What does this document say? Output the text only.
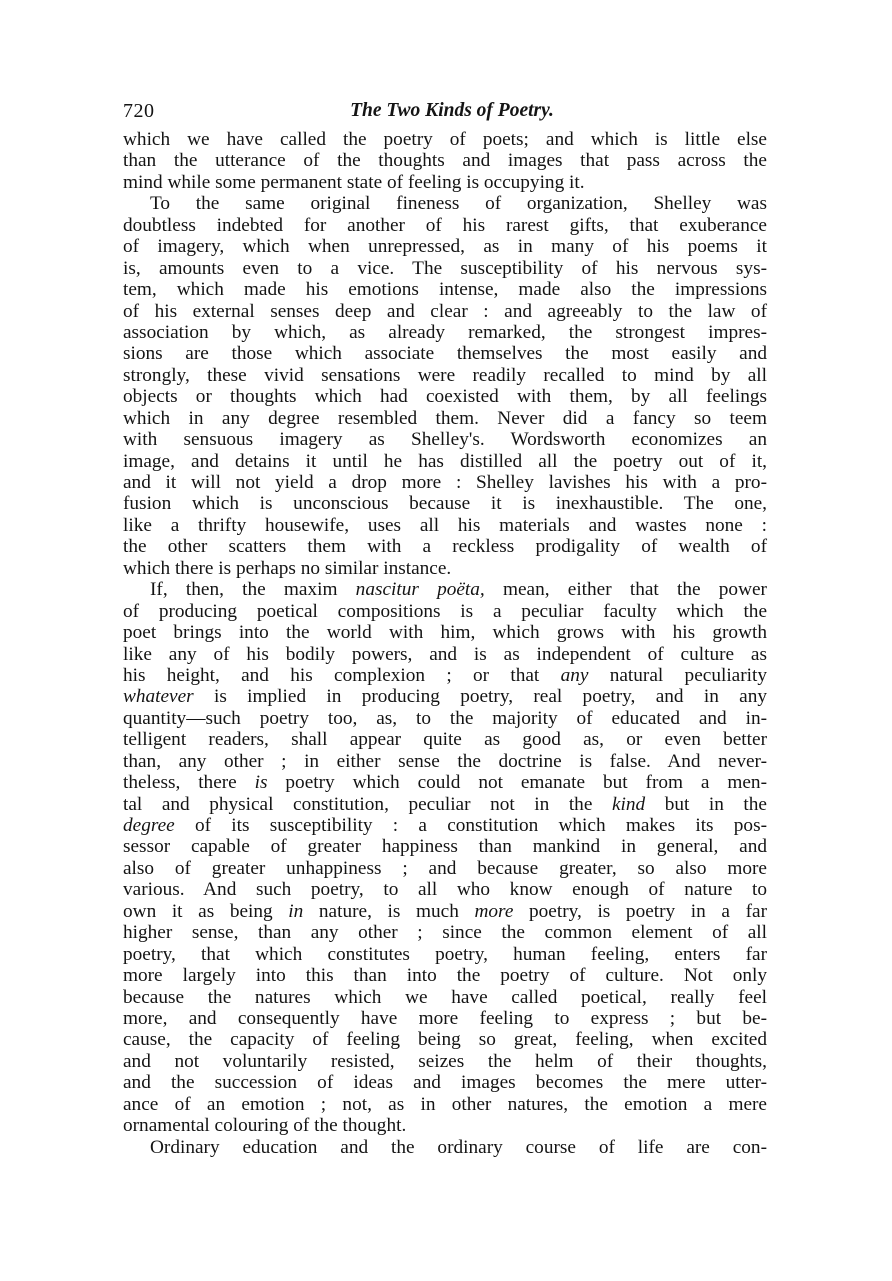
720	The Two Kinds of Poetry.
which we have called the poetry of poets; and which is little else
than the utterance of the thoughts and images that pass across the
mind while some permanent state of feeling is occupying it.
To the same original fineness of organization, Shelley was
doubtless indebted for another of his rarest gifts, that exuberance
of imagery, which when unrepressed, as in many of his poems it
is, amounts even to a vice. The susceptibility of his nervous sys-
tem, which made his emotions intense, made also the impressions
of his external senses deep and clear : and agreeably to the law of
association by which, as already remarked, the strongest impres-
sions are those which associate themselves the most easily and
strongly, these vivid sensations were readily recalled to mind by all
objects or thoughts which had coexisted with them, by all feelings
which in any degree resembled them. Never did a fancy so teem
with sensuous imagery as Shelley's. Wordsworth economizes an
image, and detains it until he has distilled all the poetry out of it,
and it will not yield a drop more : Shelley lavishes his with a pro-
fusion which is unconscious because it is inexhaustible. The one,
like a thrifty housewife, uses all his materials and wastes none :
the other scatters them with a reckless prodigality of wealth of
which there is perhaps no similar instance.
If, then, the maxim nascitur poëta, mean, either that the power
of producing poetical compositions is a peculiar faculty which the
poet brings into the world with him, which grows with his growth
like any of his bodily powers, and is as independent of culture as
his height, and his complexion ; or that any natural peculiarity
whatever is implied in producing poetry, real poetry, and in any
quantity—such poetry too, as, to the majority of educated and in-
telligent readers, shall appear quite as good as, or even better
than, any other ; in either sense the doctrine is false. And never-
theless, there is poetry which could not emanate but from a men-
tal and physical constitution, peculiar not in the kind but in the
degree of its susceptibility : a constitution which makes its pos-
sessor capable of greater happiness than mankind in general, and
also of greater unhappiness ; and because greater, so also more
various. And such poetry, to all who know enough of nature to
own it as being in nature, is much more poetry, is poetry in a far
higher sense, than any other ; since the common element of all
poetry, that which constitutes poetry, human feeling, enters far
more largely into this than into the poetry of culture. Not only
because the natures which we have called poetical, really feel
more, and consequently have more feeling to express ; but be-
cause, the capacity of feeling being so great, feeling, when excited
and not voluntarily resisted, seizes the helm of their thoughts,
and the succession of ideas and images becomes the mere utter-
ance of an emotion ; not, as in other natures, the emotion a mere
ornamental colouring of the thought.
Ordinary education and the ordinary course of life are con-
